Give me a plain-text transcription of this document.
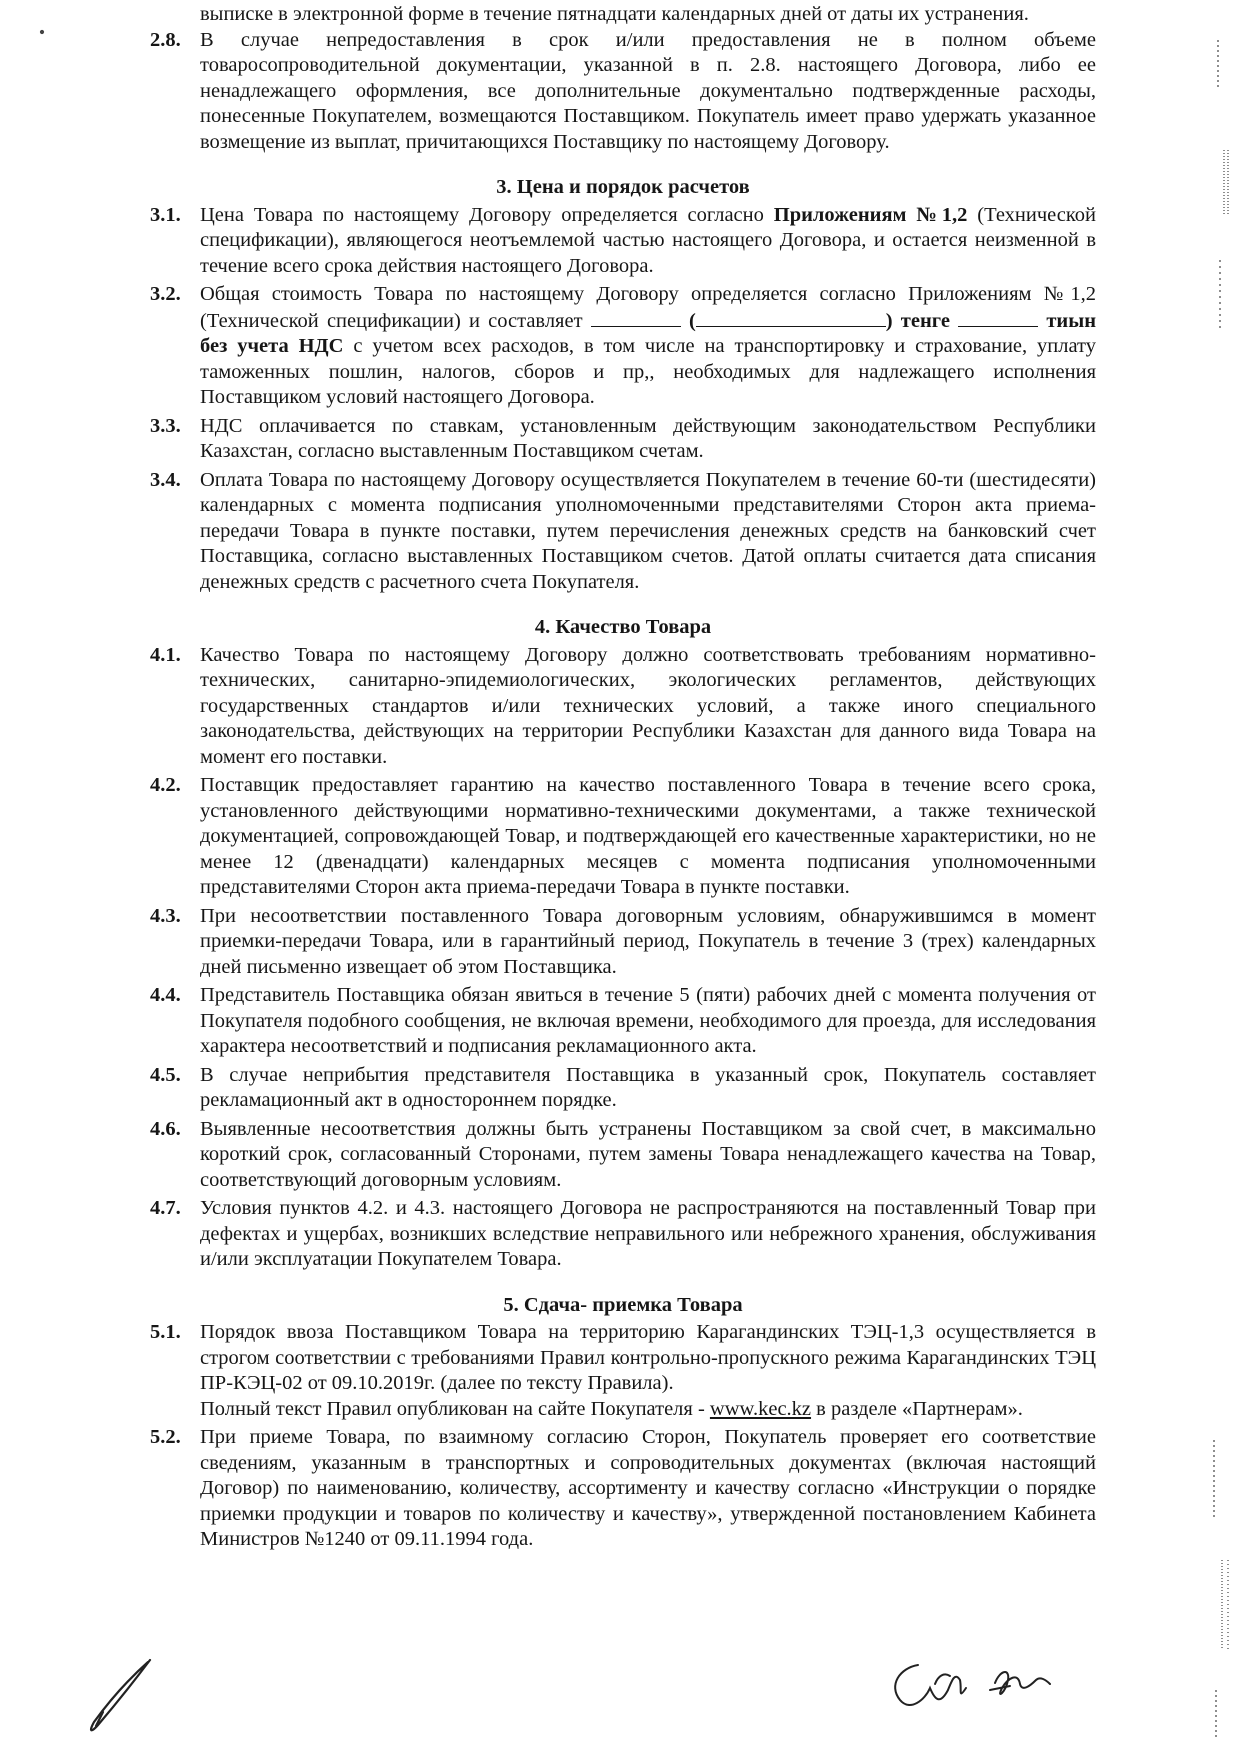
выписке в электронной форме в течение пятнадцати календарных дней от даты их устранения.
2.8. В случае непредоставления в срок и/или предоставления не в полном объеме товаросопроводительной документации, указанной в п. 2.8. настоящего Договора, либо ее ненадлежащего оформления, все дополнительные документально подтвержденные расходы, понесенные Покупателем, возмещаются Поставщиком. Покупатель имеет право удержать указанное возмещение из выплат, причитающихся Поставщику по настоящему Договору.
3. Цена и порядок расчетов
3.1. Цена Товара по настоящему Договору определяется согласно Приложениям №1,2 (Технической спецификации), являющегося неотъемлемой частью настоящего Договора, и остается неизменной в течение всего срока действия настоящего Договора.
3.2. Общая стоимость Товара по настоящему Договору определяется согласно Приложениям №1,2 (Технической спецификации) и составляет	(	) тенге	тиын без учета НДС с учетом всех расходов, в том числе на транспортировку и страхование, уплату таможенных пошлин, налогов, сборов и пр,, необходимых для надлежащего исполнения Поставщиком условий настоящего Договора.
3.3. НДС оплачивается по ставкам, установленным действующим законодательством Республики Казахстан, согласно выставленным Поставщиком счетам.
3.4. Оплата Товара по настоящему Договору осуществляется Покупателем в течение 60-ти (шестидесяти) календарных с момента подписания уполномоченными представителями Сторон акта приема-передачи Товара в пункте поставки, путем перечисления денежных средств на банковский счет Поставщика, согласно выставленных Поставщиком счетов. Датой оплаты считается дата списания денежных средств с расчетного счета Покупателя.
4. Качество Товара
4.1. Качество Товара по настоящему Договору должно соответствовать требованиям нормативно-технических, санитарно-эпидемиологических, экологических регламентов, действующих государственных стандартов и/или технических условий, а также иного специального законодательства, действующих на территории Республики Казахстан для данного вида Товара на момент его поставки.
4.2. Поставщик предоставляет гарантию на качество поставленного Товара в течение всего срока, установленного действующими нормативно-техническими документами, а также технической документацией, сопровождающей Товар, и подтверждающей его качественные характеристики, но не менее 12 (двенадцати) календарных месяцев с момента подписания уполномоченными представителями Сторон акта приема-передачи Товара в пункте поставки.
4.3. При несоответствии поставленного Товара договорным условиям, обнаружившимся в момент приемки-передачи Товара, или в гарантийный период, Покупатель в течение 3 (трех) календарных дней письменно извещает об этом Поставщика.
4.4. Представитель Поставщика обязан явиться в течение 5 (пяти) рабочих дней с момента получения от Покупателя подобного сообщения, не включая времени, необходимого для проезда, для исследования характера несоответствий и подписания рекламационного акта.
4.5. В случае неприбытия представителя Поставщика в указанный срок, Покупатель составляет рекламационный акт в одностороннем порядке.
4.6. Выявленные несоответствия должны быть устранены Поставщиком за свой счет, в максимально короткий срок, согласованный Сторонами, путем замены Товара ненадлежащего качества на Товар, соответствующий договорным условиям.
4.7. Условия пунктов 4.2. и 4.3. настоящего Договора не распространяются на поставленный Товар при дефектах и ущербах, возникших вследствие неправильного или небрежного хранения, обслуживания и/или эксплуатации Покупателем Товара.
5. Сдача- приемка Товара
5.1. Порядок ввоза Поставщиком Товара на территорию Карагандинских ТЭЦ-1,3 осуществляется в строгом соответствии с требованиями Правил контрольно-пропускного режима Карагандинских ТЭЦ ПР-КЭЦ-02 от 09.10.2019г. (далее по тексту Правила).
Полный текст Правил опубликован на сайте Покупателя - www.kec.kz в разделе «Партнерам».
5.2. При приеме Товара, по взаимному согласию Сторон, Покупатель проверяет его соответствие сведениям, указанным в транспортных и сопроводительных документах (включая настоящий Договор) по наименованию, количеству, ассортименту и качеству согласно «Инструкции о порядке приемки продукции и товаров по количеству и качеству», утвержденной постановлением Кабинета Министров №1240 от 09.11.1994 года.
